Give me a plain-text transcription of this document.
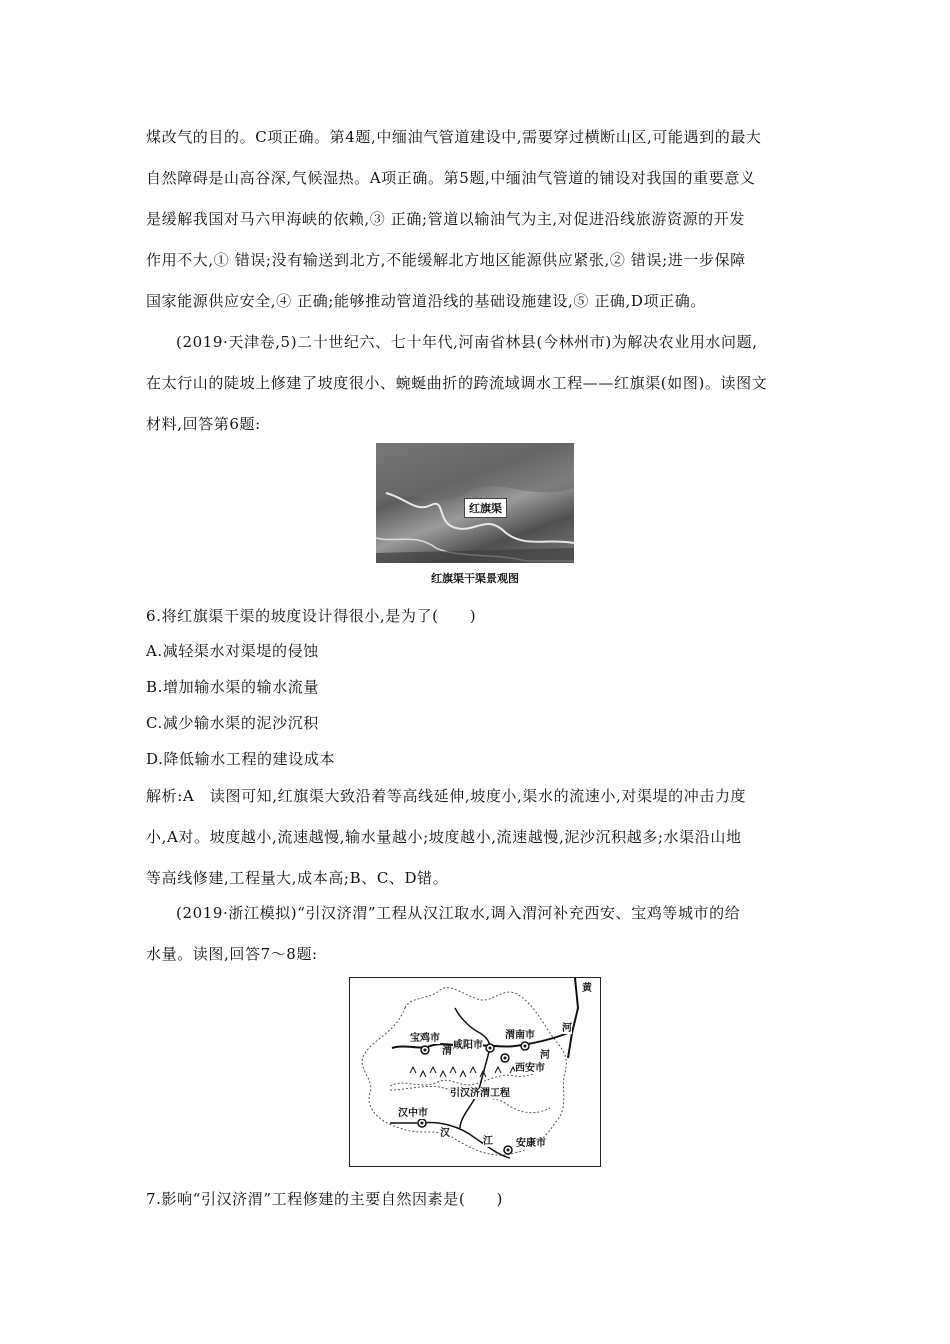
煤改气的目的。C项正确。第4题,中缅油气管道建设中,需要穿过横断山区,可能遇到的最大
自然障碍是山高谷深,气候湿热。A项正确。第5题,中缅油气管道的铺设对我国的重要意义
是缓解我国对马六甲海峡的依赖,③ 正确;管道以输油气为主,对促进沿线旅游资源的开发
作用不大,① 错误;没有输送到北方,不能缓解北方地区能源供应紧张,② 错误;进一步保障
国家能源供应安全,④ 正确;能够推动管道沿线的基础设施建设,⑤ 正确,D项正确。
(2019·天津卷,5)二十世纪六、七十年代,河南省林县(今林州市)为解决农业用水问题,
在太行山的陡坡上修建了坡度很小、蜿蜒曲折的跨流域调水工程——红旗渠(如图)。读图文
材料,回答第6题:
红旗渠
红旗渠干渠景观图
6.将红旗渠干渠的坡度设计得很小,是为了(　　)
A.减轻渠水对渠堤的侵蚀
B.增加输水渠的输水流量
C.减少输水渠的泥沙沉积
D.降低输水工程的建设成本
解析:A　读图可知,红旗渠大致沿着等高线延伸,坡度小,渠水的流速小,对渠堤的冲击力度
小,A对。坡度越小,流速越慢,输水量越小;坡度越小,流速越慢,泥沙沉积越多;水渠沿山地
等高线修建,工程量大,成本高;B、C、D错。
(2019·浙江模拟)“引汉济渭”工程从汉江取水,调入渭河补充西安、宝鸡等城市的给
水量。读图,回答7～8题:
黄
河
宝鸡市
渭
咸阳市
渭南市
河
西安市
引汉济渭工程
汉中市
汉
江 安康市
7.影响“引汉济渭”工程修建的主要自然因素是(　　)
